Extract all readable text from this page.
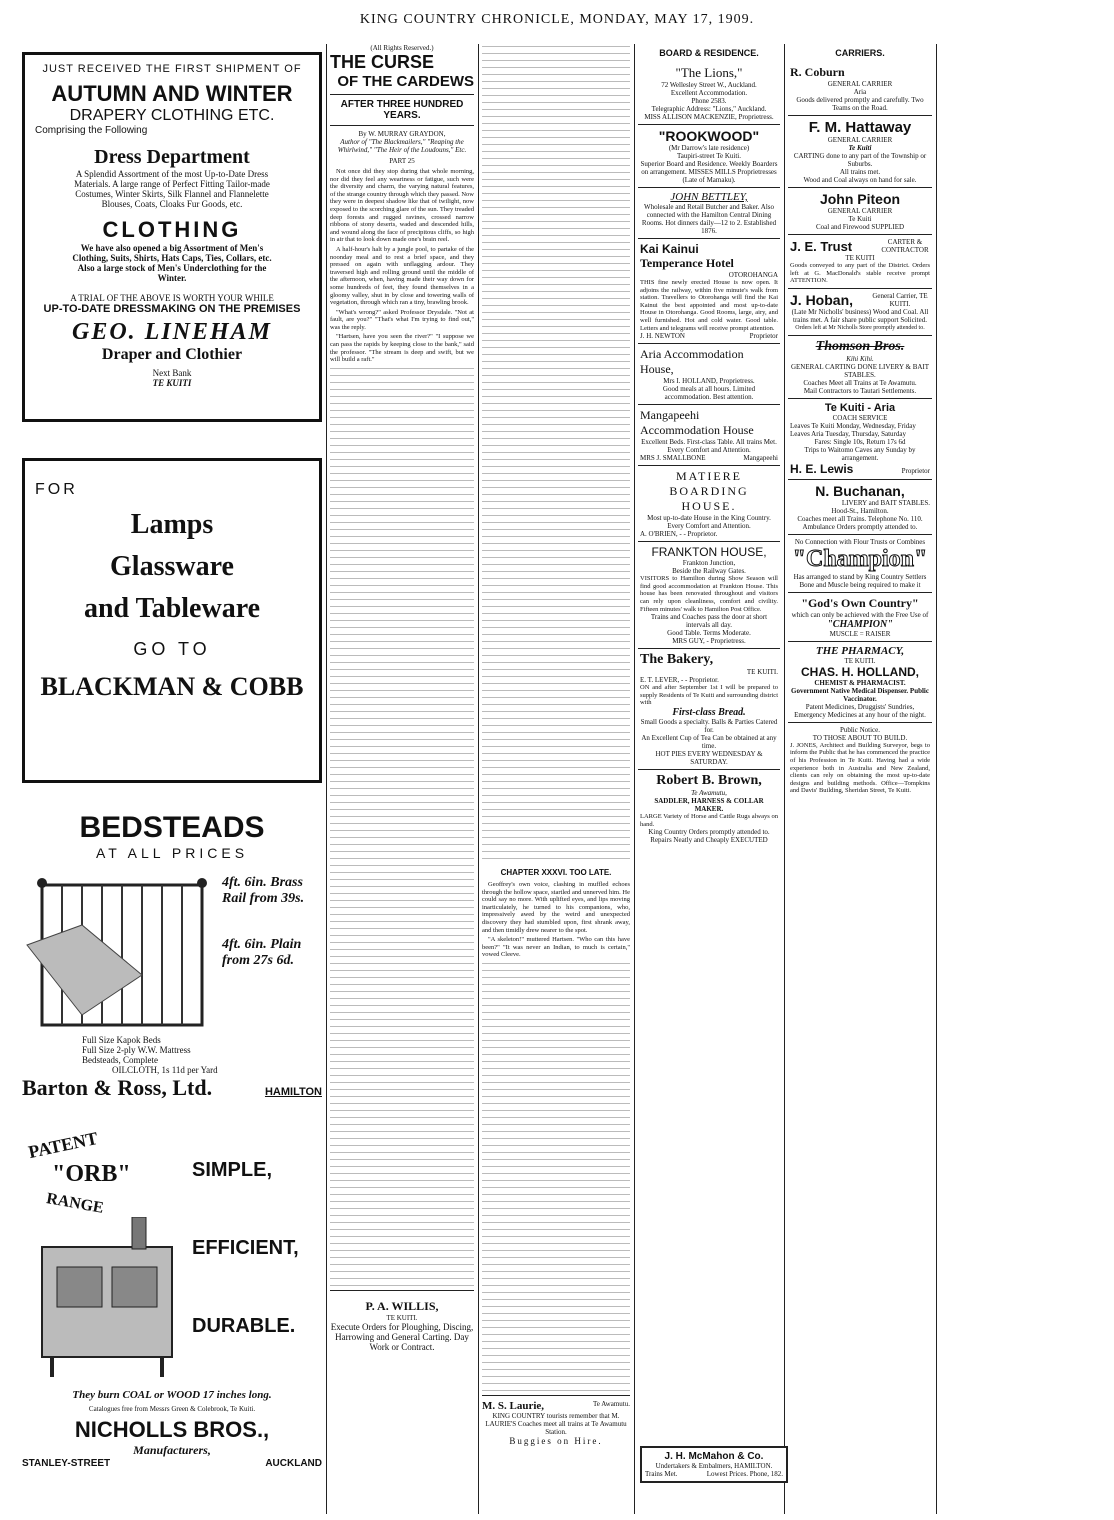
KING COUNTRY CHRONICLE, MONDAY, MAY 17, 1909.
JUST RECEIVED THE FIRST SHIPMENT OF
AUTUMN AND WINTER
DRAPERY CLOTHING ETC.
Comprising the Following
Dress Department
A Splendid Assortment of the most Up-to-Date Dress Materials. A large range of Perfect Fitting Tailor-made Costumes, Winter Skirts, Silk Flannel and Flannelette Blouses, Coats, Cloaks Fur Goods, etc.
CLOTHING
We have also opened a big Assortment of Men's Clothing, Suits, Shirts, Hats Caps, Ties, Collars, etc. Also a large stock of Men's Underclothing for the Winter.
A TRIAL OF THE ABOVE IS WORTH YOUR WHILE
UP-TO-DATE DRESSMAKING ON THE PREMISES
GEO. LINEHAM
Draper and Clothier
Next Bank
TE KUITI
FOR
Lamps
Glassware
and Tableware
GO TO
BLACKMAN & COBB
BEDSTEADS
AT ALL PRICES
4ft. 6in. Brass Rail from 39s.
4ft. 6in. Plain from 27s 6d.
Full Size Kapok Beds
Full Size 2-ply W.W. Mattress
Bedsteads, Complete
OILCLOTH, 1s 11d per Yard
Barton & Ross, Ltd.	HAMILTON
PATENT
"ORB"
RANGE
SIMPLE,
EFFICIENT,
DURABLE.
They burn COAL or WOOD 17 inches long.
Catalogues free from Messrs Green & Colebrook, Te Kuiti.
NICHOLLS BROS.,
Manufacturers,
STANLEY-STREET	AUCKLAND
(All Rights Reserved.)
THE CURSE
OF THE CARDEWS
AFTER THREE HUNDRED YEARS.
By W. MURRAY GRAYDON,
Author of "The Blackmailers," "Reaping the Whirlwind," "The Heir of the Loudouns," Etc.
PART 25

Not once did they stop during that whole morning, nor did they feel any weariness or fatigue, such were the diversity and charm, the varying natural features, of the strange country through which they passed. Now they were in deepest shadow like that of twilight, now exposed to the scorching glare of the sun. They treaded deep forests and rugged ravines, crossed narrow ribbons of stony deserts, waded and descended hills, and wound along the face of precipitous cliffs, so high in air that to look down made one's brain reel.

A half-hour's halt by a jungle pool, to partake of the noonday meal and to rest a brief space, and they pressed on again with unflagging ardour. They traversed high and rolling ground until the middle of the afternoon, when, having made their way down for some hundreds of feet, they found themselves in a gloomy valley, shut in by close and towering walls of vegetation, through which ran a tiny, brawling brook.

"What's wrong?" asked Professor Drysdale. "Not at fault, are you?" "That's what I'm trying to find out," was the reply.

"Hartsen, have you seen the river?" "I suppose we can pass the rapids by keeping close to the bank," said the professor. "The stream is deep and swift, but we will build a raft."

P. A. WILLIS,
TE KUITI.
Execute Orders for Ploughing, Discing, Harrowing and General Carting. Day Work or Contract.
CHAPTER XXXVI. TOO LATE.

Geoffrey's own voice, clashing in muffled echoes through the hollow space, startled and unnerved him. He could say no more. With uplifted eyes, and lips moving inarticulately, he turned to his companions, who, impressively awed by the weird and unexpected discovery they had stumbled upon, first shrank away, and then timidly drew nearer to the spot.

"A skeleton!" muttered Hartsen. "Who can this have been?" "It was never an Indian, to much is certain," vowed Cleeve.

M. S. Laurie,	Te Awamutu.
KING COUNTRY tourists remember that M. LAURIE'S Coaches meet all trains at Te Awamutu Station.
Buggies on Hire.
BOARD & RESIDENCE.
"The Lions,"
72 Wellesley Street W., Auckland.
Excellent Accommodation.
Phone 2583.
Telegraphic Address: "Lions," Auckland.
MISS ALLISON MACKENZIE, Proprietress.
"ROOKWOOD"
(Mr Darrow's late residence)
Taupiri-street Te Kuiti.
Superior Board and Residence. Weekly Boarders on arrangement. MISSES MILLS Proprietresses (Late of Mamaku).
JOHN BETTLEY,
Wholesale and Retail Butcher and Baker. Also connected with the Hamilton Central Dining Rooms. Hot dinners daily—12 to 2. Established 1876.
Kai Kainui
Temperance Hotel
OTOROHANGA
THIS fine newly erected House is now open. It adjoins the railway, within five minute's walk from station. Travellers to Otorohanga will find the Kai Kainui the best appointed and most up-to-date House in Otorohanga. Good Rooms, large, airy, and well furnished. Hot and cold water. Good table. Letters and telegrams will receive prompt attention.
J. H. NEWTON	Proprietor
Aria Accommodation House,
Mrs I. HOLLAND, Proprietress.
Good meals at all hours. Limited accommodation. Best attention.
Mangapeehi Accommodation House
Excellent Beds. First-class Table. All trains Met. Every Comfort and Attention.
MRS J. SMALLBONE	Mangapeehi
MATIERE BOARDING HOUSE.
Most up-to-date House in the King Country. Every Comfort and Attention.
A. O'BRIEN, - - Proprietor.
FRANKTON HOUSE,
Frankton Junction,
Beside the Railway Gates.
VISITORS to Hamilton during Show Season will find good accommodation at Frankton House. This house has been renovated throughout and visitors can rely upon cleanliness, comfort and civility. Fifteen minutes' walk to Hamilton Post Office.
Trains and Coaches pass the door at short intervals all day.
Good Table. Terms Moderate.
MRS GUY, - Proprietress.
The Bakery,
TE KUITI.
E. T. LEVER, - - Proprietor.
ON and after September 1st I will be prepared to supply Residents of Te Kuiti and surrounding district with
First-class Bread.
Small Goods a specialty. Balls & Parties Catered for.
An Excellent Cup of Tea Can be obtained at any time.
HOT PIES EVERY WEDNESDAY & SATURDAY.
Robert B. Brown,
Te Awamutu,
SADDLER, HARNESS & COLLAR MAKER.
LARGE Variety of Horse and Cattle Rugs always on hand.
King Country Orders promptly attended to.
Repairs Neatly and Cheaply EXECUTED
J. H. McMahon & Co.
Undertakers & Embalmers, HAMILTON.
Trains Met.	Lowest Prices. Phone, 182.
CARRIERS.
R. Coburn
GENERAL CARRIER
Aria
Goods delivered promptly and carefully. Two Teams on the Road.
F. M. Hattaway
GENERAL CARRIER
Te Kuiti
CARTING done to any part of the Township or Suburbs.
All trains met.
Wood and Coal always on hand for sale.
John Piteon
GENERAL CARRIER
Te Kuiti
Coal and Firewood SUPPLIED
J. E. Trust	CARTER & CONTRACTOR
TE KUITI
Goods conveyed to any part of the District. Orders left at G. MacDonald's stable receive prompt ATTENTION.
J. Hoban,	General Carrier, TE KUITI.
(Late Mr Nicholls' business) Wood and Coal. All trains met. A fair share public support Solicited.
Orders left at Mr Nicholls Store promptly attended to.
Thomson Bros.
Kihi Kihi.
GENERAL CARTING DONE LIVERY & BAIT STABLES.
Coaches Meet all Trains at Te Awamutu.
Mail Contractors to Tautari Settlements.
Te Kuiti - Aria
COACH SERVICE
Leaves Te Kuiti Monday, Wednesday, Friday
Leaves Aria Tuesday, Thursday, Saturday
Fares: Single 10s, Return 17s 6d
Trips to Waitomo Caves any Sunday by arrangement.
H. E. Lewis	Proprietor
N. Buchanan,
LIVERY and BAIT STABLES.
Hood-St., Hamilton.
Coaches meet all Trains. Telephone No. 110.
Ambulance Orders promptly attended to.
No Connection with Flour Trusts or Combines
"Champion"
Has arranged to stand by King Country Settlers Bone and Muscle being required to make it
"God's Own Country"
which can only be achieved with the Free Use of
"CHAMPION"
MUSCLE = RAISER
THE PHARMACY,
TE KUITI.
CHAS. H. HOLLAND,
CHEMIST & PHARMACIST.
Government Native Medical Dispenser. Public Vaccinator.
Patent Medicines, Druggists' Sundries, Emergency Medicines at any hour of the night.
Public Notice.
TO THOSE ABOUT TO BUILD.
J. JONES, Architect and Building Surveyor, begs to inform the Public that he has commenced the practice of his Profession in Te Kuiti. Having had a wide experience both in Australia and New Zealand, clients can rely on obtaining the most up-to-date designs and building methods. Office—Tompkins and Davis' Building, Sheridan Street, Te Kuiti.
